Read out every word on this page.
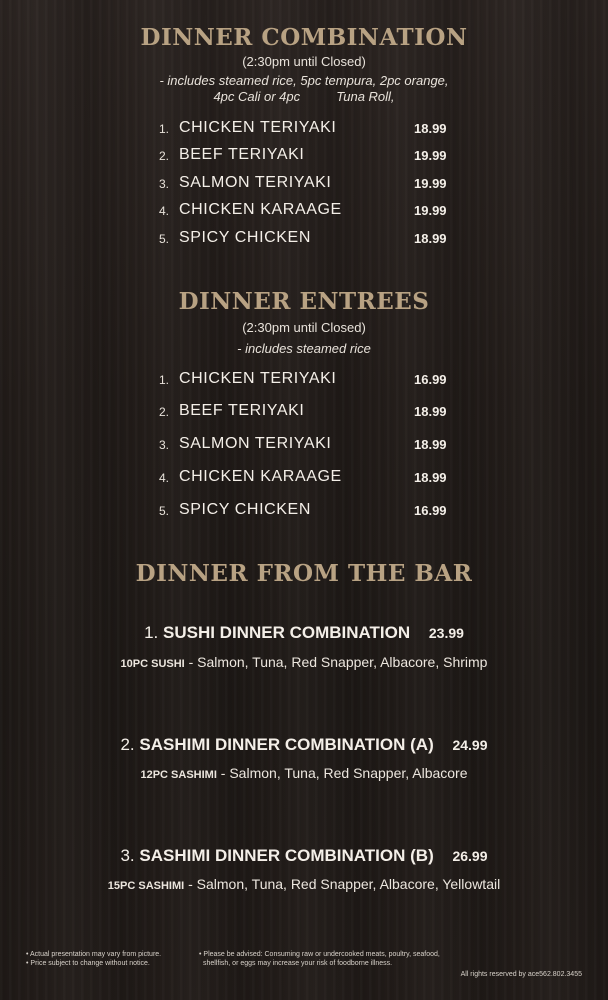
DINNER COMBINATION
(2:30pm until Closed)
- includes steamed rice, 5pc tempura, 2pc orange,
4pc Cali or 4pc          Tuna Roll,
1. CHICKEN TERIYAKI	18.99
2. BEEF TERIYAKI	19.99
3. SALMON TERIYAKI	19.99
4. CHICKEN KARAAGE	19.99
5. SPICY CHICKEN	18.99
DINNER ENTREES
(2:30pm until Closed)
- includes steamed rice
1. CHICKEN TERIYAKI	16.99
2. BEEF TERIYAKI	18.99
3. SALMON TERIYAKI	18.99
4. CHICKEN KARAAGE	18.99
5. SPICY CHICKEN	16.99
DINNER FROM THE BAR
1. SUSHI DINNER COMBINATION 23.99
10PC SUSHI - Salmon, Tuna, Red Snapper, Albacore, Shrimp
2. SASHIMI DINNER COMBINATION (A) 24.99
12PC SASHIMI - Salmon, Tuna, Red Snapper, Albacore
3. SASHIMI DINNER COMBINATION (B) 26.99
15PC SASHIMI - Salmon, Tuna, Red Snapper, Albacore, Yellowtail
• Actual presentation may vary from picture.
• Price subject to change without notice.
• Please be advised: Consuming raw or undercooked meats, poultry, seafood,
shellfish, or eggs may increase your risk of foodborne illness.
All rights reserved by ace562.802.3455
